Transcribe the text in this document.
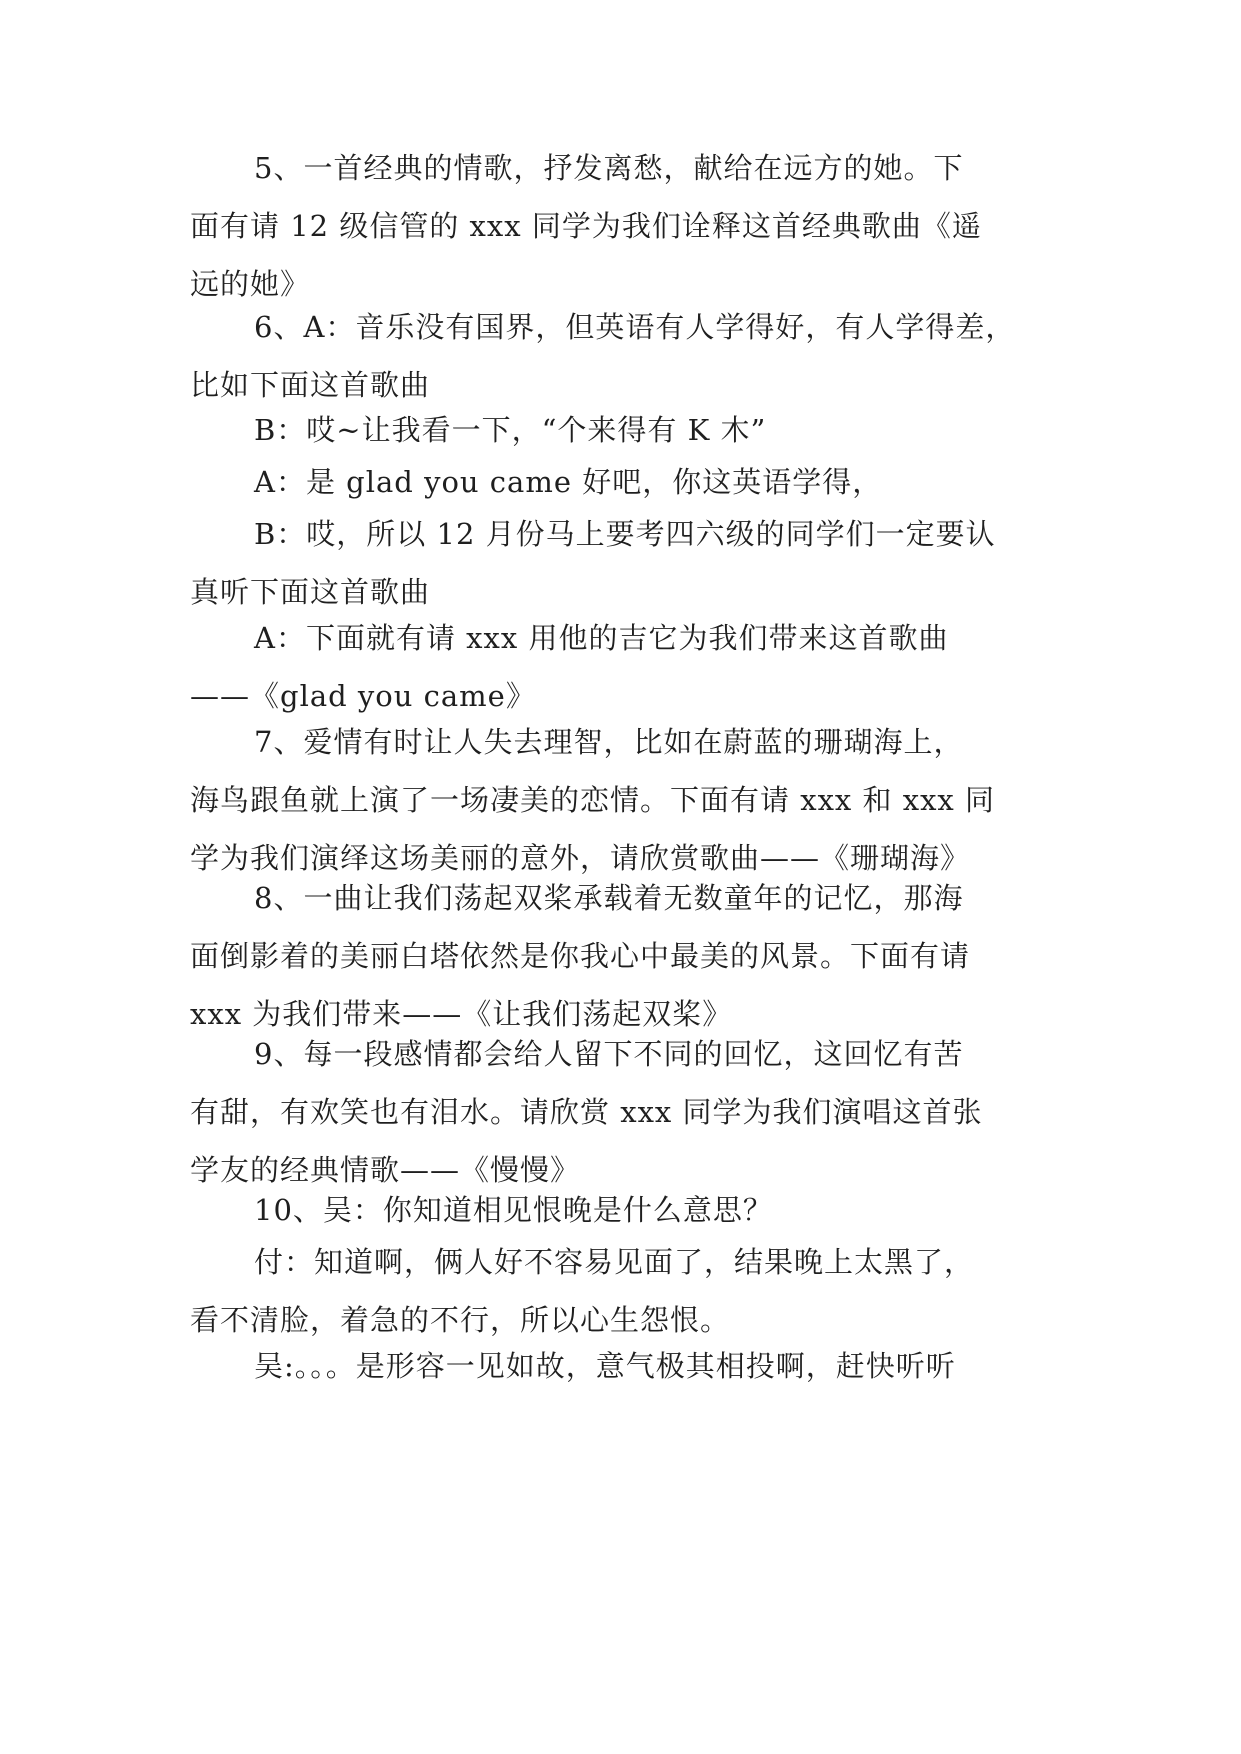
5、一首经典的情歌，抒发离愁，献给在远方的她。下
面有请 12 级信管的 xxx 同学为我们诠释这首经典歌曲《遥
远的她》
6、A：音乐没有国界，但英语有人学得好，有人学得差，
比如下面这首歌曲
B：哎~让我看一下，“个来得有 K 木”
A：是 glad you came 好吧，你这英语学得，
B：哎，所以 12 月份马上要考四六级的同学们一定要认
真听下面这首歌曲
A：下面就有请 xxx 用他的吉它为我们带来这首歌曲
——《glad you came》
7、爱情有时让人失去理智，比如在蔚蓝的珊瑚海上，
海鸟跟鱼就上演了一场凄美的恋情。下面有请 xxx 和 xxx 同
学为我们演绎这场美丽的意外，请欣赏歌曲——《珊瑚海》
8、一曲让我们荡起双桨承载着无数童年的记忆，那海
面倒影着的美丽白塔依然是你我心中最美的风景。下面有请
xxx 为我们带来——《让我们荡起双桨》
9、每一段感情都会给人留下不同的回忆，这回忆有苦
有甜，有欢笑也有泪水。请欣赏 xxx 同学为我们演唱这首张
学友的经典情歌——《慢慢》
10、吴：你知道相见恨晚是什么意思？
付：知道啊，俩人好不容易见面了，结果晚上太黑了，
看不清脸，着急的不行，所以心生怨恨。
吴:。。。是形容一见如故，意气极其相投啊，赶快听听
